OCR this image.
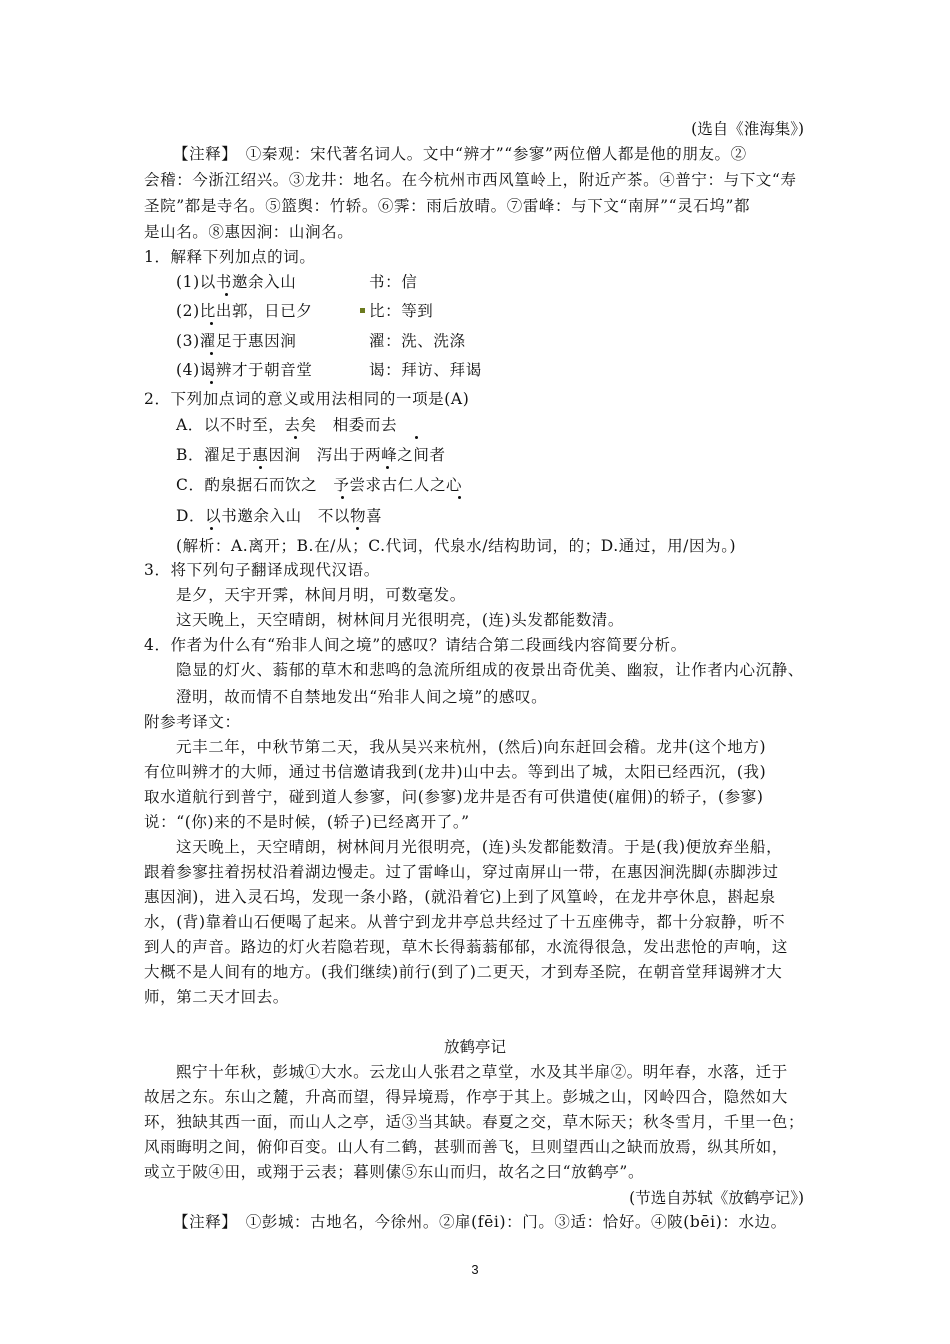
(选自《淮海集》)
【注释】　①秦观：宋代著名词人。文中“辨才”“参寥”两位僧人都是他的朋友。②
会稽：今浙江绍兴。③龙井：地名。在今杭州市西风篁岭上，附近产茶。④普宁：与下文“寿
圣院”都是寺名。⑤篮舆：竹轿。⑥霁：雨后放晴。⑦雷峰：与下文“南屏”“灵石坞”都
是山名。⑧惠因涧：山涧名。
1．解释下列加点的词。
(1)以书邀余入山	书：信
(2)比出郭，日已夕	比：等到
(3)濯足于惠因涧	濯：洗、洗涤
(4)谒辨才于朝音堂	谒：拜访、拜谒
2．下列加点词的意义或用法相同的一项是(A)
A．以不时至，去矣　相委而去
B．濯足于惠因涧　泻出于两峰之间者
C．酌泉据石而饮之　予尝求古仁人之心
D．以书邀余入山　不以物喜
(解析：A.离开；B.在/从；C.代词，代泉水/结构助词，的；D.通过，用/因为。)
3．将下列句子翻译成现代汉语。
是夕，天宇开霁，林间月明，可数毫发。
这天晚上，天空晴朗，树林间月光很明亮，(连)头发都能数清。
4．作者为什么有“殆非人间之境”的感叹？请结合第二段画线内容简要分析。
隐显的灯火、蓊郁的草木和悲鸣的急流所组成的夜景出奇优美、幽寂，让作者内心沉静、
澄明，故而情不自禁地发出“殆非人间之境”的感叹。
附参考译文：
元丰二年，中秋节第二天，我从吴兴来杭州，(然后)向东赶回会稽。龙井(这个地方)
有位叫辨才的大师，通过书信邀请我到(龙井)山中去。等到出了城，太阳已经西沉，(我)
取水道航行到普宁，碰到道人参寥，问(参寥)龙井是否有可供遣使(雇佣)的轿子，(参寥)
说：“(你)来的不是时候，(轿子)已经离开了。”
这天晚上，天空晴朗，树林间月光很明亮，(连)头发都能数清。于是(我)便放弃坐船，
跟着参寥拄着拐杖沿着湖边慢走。过了雷峰山，穿过南屏山一带，在惠因涧洗脚(赤脚涉过
惠因涧)，进入灵石坞，发现一条小路，(就沿着它)上到了风篁岭，在龙井亭休息，斟起泉
水，(背)靠着山石便喝了起来。从普宁到龙井亭总共经过了十五座佛寺，都十分寂静，听不
到人的声音。路边的灯火若隐若现，草木长得蓊蓊郁郁，水流得很急，发出悲怆的声响，这
大概不是人间有的地方。(我们继续)前行(到了)二更天，才到寿圣院，在朝音堂拜谒辨才大
师，第二天才回去。
放鹤亭记
熙宁十年秋，彭城①大水。云龙山人张君之草堂，水及其半扉②。明年春，水落，迁于
故居之东。东山之麓，升高而望，得异境焉，作亭于其上。彭城之山，冈岭四合，隐然如大
环，独缺其西一面，而山人之亭，适③当其缺。春夏之交，草木际天；秋冬雪月，千里一色；
风雨晦明之间，俯仰百变。山人有二鹤，甚驯而善飞，旦则望西山之缺而放焉，纵其所如，
或立于陂④田，或翔于云表；暮则傃⑤东山而归，故名之曰“放鹤亭”。
(节选自苏轼《放鹤亭记》)
【注释】　①彭城：古地名，今徐州。②扉(fēi)：门。③适：恰好。④陂(bēi)：水边。
3
